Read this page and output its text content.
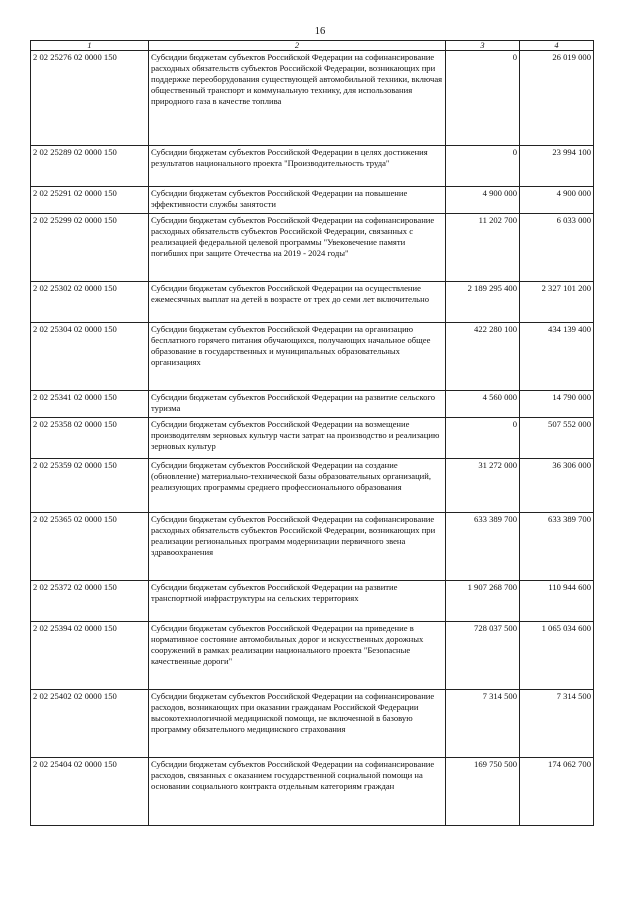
16
1	2	3	4
2 02 25276 02 0000 150	Субсидии бюджетам субъектов Российской Федерации на софинансирование расходных обязательств субъектов Российской Федерации, возникающих при поддержке переоборудования существующей автомобильной техники, включая общественный транспорт и коммунальную технику, для использования природного газа в качестве топлива	0	26 019 000
2 02 25289 02 0000 150	Субсидии бюджетам субъектов Российской Федерации в целях достижения результатов национального проекта "Производительность труда"	0	23 994 100
2 02 25291 02 0000 150	Субсидии бюджетам субъектов Российской Федерации на повышение эффективности службы занятости	4 900 000	4 900 000
2 02 25299 02 0000 150	Субсидии бюджетам субъектов Российской Федерации на софинансирование расходных обязательств субъектов Российской Федерации, связанных с реализацией федеральной целевой программы "Увековечение памяти погибших при защите Отечества на 2019 - 2024 годы"	11 202 700	6 033 000
2 02 25302 02 0000 150	Субсидии бюджетам субъектов Российской Федерации на осуществление ежемесячных выплат на детей в возрасте от трех до семи лет включительно	2 189 295 400	2 327 101 200
2 02 25304 02 0000 150	Субсидии бюджетам субъектов Российской Федерации на организацию бесплатного горячего питания обучающихся, получающих начальное общее образование в государственных и муниципальных образовательных организациях	422 280 100	434 139 400
2 02 25341 02 0000 150	Субсидии бюджетам субъектов Российской Федерации на развитие сельского туризма	4 560 000	14 790 000
2 02 25358 02 0000 150	Субсидии бюджетам субъектов Российской Федерации на возмещение производителям зерновых культур части затрат на производство и реализацию зерновых культур	0	507 552 000
2 02 25359 02 0000 150	Субсидии бюджетам субъектов Российской Федерации на создание (обновление) материально-технической базы образовательных организаций, реализующих программы среднего профессионального образования	31 272 000	36 306 000
2 02 25365 02 0000 150	Субсидии бюджетам субъектов Российской Федерации на софинансирование расходных обязательств субъектов Российской Федерации, возникающих при реализации региональных программ модернизации первичного звена здравоохранения	633 389 700	633 389 700
2 02 25372 02 0000 150	Субсидии бюджетам субъектов Российской Федерации на развитие транспортной инфраструктуры на сельских территориях	1 907 268 700	110 944 600
2 02 25394 02 0000 150	Субсидии бюджетам субъектов Российской Федерации на приведение в нормативное состояние автомобильных дорог и искусственных дорожных сооружений в рамках реализации национального проекта "Безопасные качественные дороги"	728 037 500	1 065 034 600
2 02 25402 02 0000 150	Субсидии бюджетам субъектов Российской Федерации на софинансирование расходов, возникающих при оказании гражданам Российской Федерации высокотехнологичной медицинской помощи, не включенной в базовую программу обязательного медицинского страхования	7 314 500	7 314 500
2 02 25404 02 0000 150	Субсидии бюджетам субъектов Российской Федерации на софинансирование расходов, связанных с оказанием государственной социальной помощи на основании социального контракта отдельным категориям граждан	169 750 500	174 062 700
